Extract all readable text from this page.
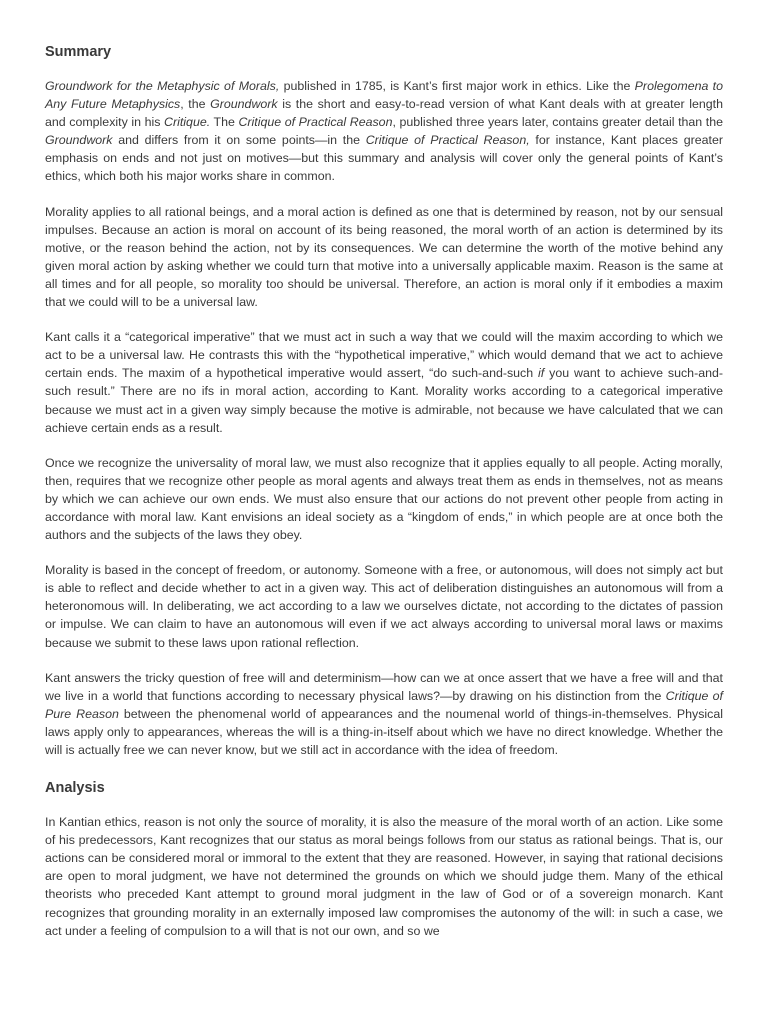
Summary

Groundwork for the Metaphysic of Morals, published in 1785, is Kant’s first major work in ethics. Like the Prolegomena to Any Future Metaphysics, the Groundwork is the short and easy-to-read version of what Kant deals with at greater length and complexity in his Critique. The Critique of Practical Reason, published three years later, contains greater detail than the Groundwork and differs from it on some points—in the Critique of Practical Reason, for instance, Kant places greater emphasis on ends and not just on motives—but this summary and analysis will cover only the general points of Kant’s ethics, which both his major works share in common.

Morality applies to all rational beings, and a moral action is defined as one that is determined by reason, not by our sensual impulses. Because an action is moral on account of its being reasoned, the moral worth of an action is determined by its motive, or the reason behind the action, not by its consequences. We can determine the worth of the motive behind any given moral action by asking whether we could turn that motive into a universally applicable maxim. Reason is the same at all times and for all people, so morality too should be universal. Therefore, an action is moral only if it embodies a maxim that we could will to be a universal law.

Kant calls it a “categorical imperative” that we must act in such a way that we could will the maxim according to which we act to be a universal law. He contrasts this with the “hypothetical imperative,” which would demand that we act to achieve certain ends. The maxim of a hypothetical imperative would assert, “do such-and-such if you want to achieve such-and-such result.” There are no ifs in moral action, according to Kant. Morality works according to a categorical imperative because we must act in a given way simply because the motive is admirable, not because we have calculated that we can achieve certain ends as a result.

Once we recognize the universality of moral law, we must also recognize that it applies equally to all people. Acting morally, then, requires that we recognize other people as moral agents and always treat them as ends in themselves, not as means by which we can achieve our own ends. We must also ensure that our actions do not prevent other people from acting in accordance with moral law. Kant envisions an ideal society as a “kingdom of ends,” in which people are at once both the authors and the subjects of the laws they obey.

Morality is based in the concept of freedom, or autonomy. Someone with a free, or autonomous, will does not simply act but is able to reflect and decide whether to act in a given way. This act of deliberation distinguishes an autonomous will from a heteronomous will. In deliberating, we act according to a law we ourselves dictate, not according to the dictates of passion or impulse. We can claim to have an autonomous will even if we act always according to universal moral laws or maxims because we submit to these laws upon rational reflection.

Kant answers the tricky question of free will and determinism—how can we at once assert that we have a free will and that we live in a world that functions according to necessary physical laws?—by drawing on his distinction from the Critique of Pure Reason between the phenomenal world of appearances and the noumenal world of things-in-themselves. Physical laws apply only to appearances, whereas the will is a thing-in-itself about which we have no direct knowledge. Whether the will is actually free we can never know, but we still act in accordance with the idea of freedom.

Analysis

In Kantian ethics, reason is not only the source of morality, it is also the measure of the moral worth of an action. Like some of his predecessors, Kant recognizes that our status as moral beings follows from our status as rational beings. That is, our actions can be considered moral or immoral to the extent that they are reasoned. However, in saying that rational decisions are open to moral judgment, we have not determined the grounds on which we should judge them. Many of the ethical theorists who preceded Kant attempt to ground moral judgment in the law of God or of a sovereign monarch. Kant recognizes that grounding morality in an externally imposed law compromises the autonomy of the will: in such a case, we act under a feeling of compulsion to a will that is not our own, and so we
